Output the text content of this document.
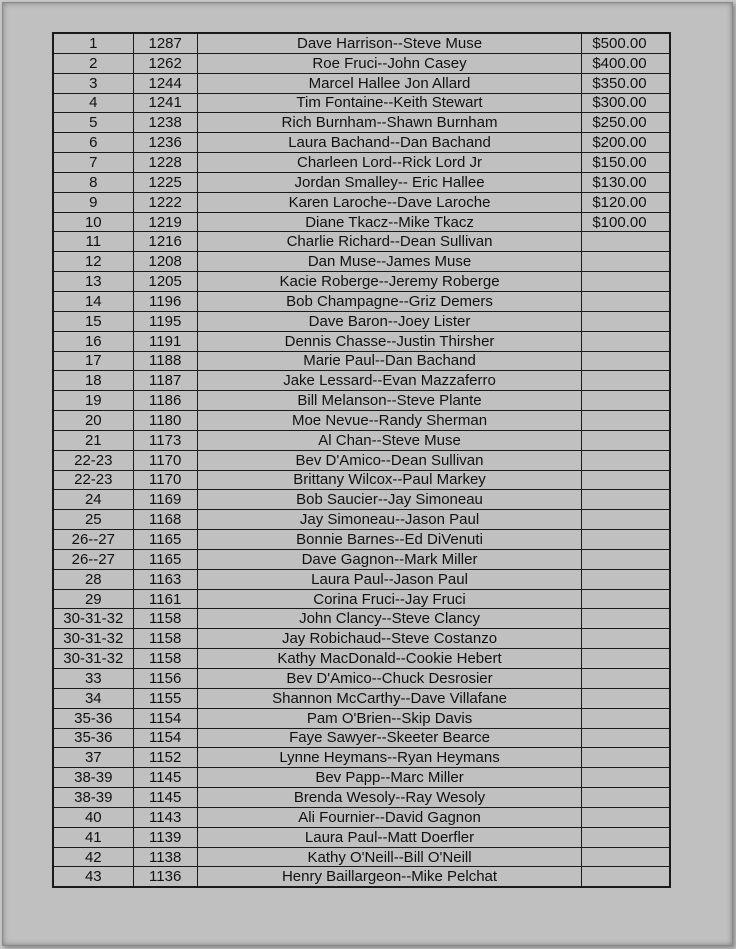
1	1287	Dave Harrison--Steve Muse	$500.00
2	1262	Roe Fruci--John Casey	$400.00
3	1244	Marcel Hallee Jon Allard	$350.00
4	1241	Tim Fontaine--Keith Stewart	$300.00
5	1238	Rich Burnham--Shawn Burnham	$250.00
6	1236	Laura Bachand--Dan Bachand	$200.00
7	1228	Charleen Lord--Rick Lord Jr	$150.00
8	1225	Jordan Smalley-- Eric Hallee	$130.00
9	1222	Karen Laroche--Dave Laroche	$120.00
10	1219	Diane Tkacz--Mike Tkacz	$100.00
11	1216	Charlie Richard--Dean Sullivan	
12	1208	Dan Muse--James Muse	
13	1205	Kacie Roberge--Jeremy Roberge	
14	1196	Bob Champagne--Griz Demers	
15	1195	Dave Baron--Joey Lister	
16	1191	Dennis Chasse--Justin Thirsher	
17	1188	Marie Paul--Dan Bachand	
18	1187	Jake Lessard--Evan Mazzaferro	
19	1186	Bill Melanson--Steve Plante	
20	1180	Moe Nevue--Randy Sherman	
21	1173	Al Chan--Steve Muse	
22-23	1170	Bev D'Amico--Dean Sullivan	
22-23	1170	Brittany Wilcox--Paul Markey	
24	1169	Bob Saucier--Jay Simoneau	
25	1168	Jay Simoneau--Jason Paul	
26--27	1165	Bonnie Barnes--Ed DiVenuti	
26--27	1165	Dave Gagnon--Mark Miller	
28	1163	Laura Paul--Jason Paul	
29	1161	Corina Fruci--Jay Fruci	
30-31-32	1158	John Clancy--Steve Clancy	
30-31-32	1158	Jay Robichaud--Steve Costanzo	
30-31-32	1158	Kathy MacDonald--Cookie Hebert	
33	1156	Bev D'Amico--Chuck Desrosier	
34	1155	Shannon McCarthy--Dave Villafane	
35-36	1154	Pam O'Brien--Skip Davis	
35-36	1154	Faye Sawyer--Skeeter Bearce	
37	1152	Lynne Heymans--Ryan Heymans	
38-39	1145	Bev Papp--Marc Miller	
38-39	1145	Brenda Wesoly--Ray Wesoly	
40	1143	Ali Fournier--David Gagnon	
41	1139	Laura Paul--Matt Doerfler	
42	1138	Kathy O'Neill--Bill O'Neill	
43	1136	Henry Baillargeon--Mike Pelchat	
